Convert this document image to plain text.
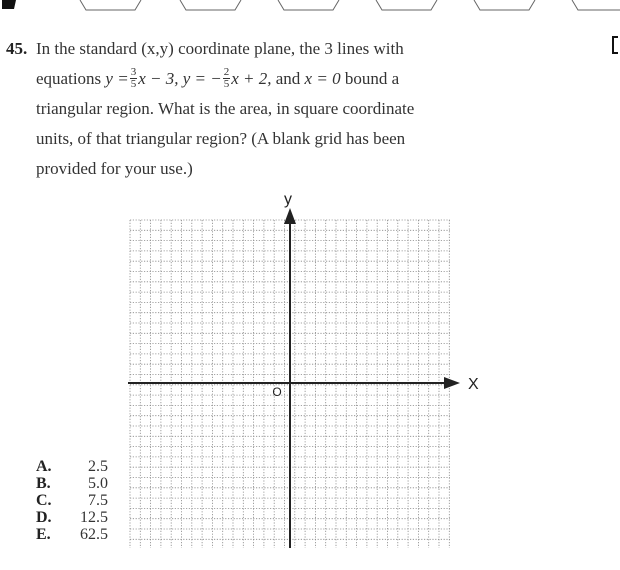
45. In the standard (x,y) coordinate plane, the 3 lines with
equations $y = \frac{3}{5}$ x − 3, y = − $\frac{2}{5}$ x + 2, and x = 0 bound a
triangular region. What is the area, in square coordinate
units, of that triangular region? (A blank grid has been
provided for your use.)
A.	2.5
B.	5.0
C.	7.5
D.	12.5
E.	62.5
y
X
O
